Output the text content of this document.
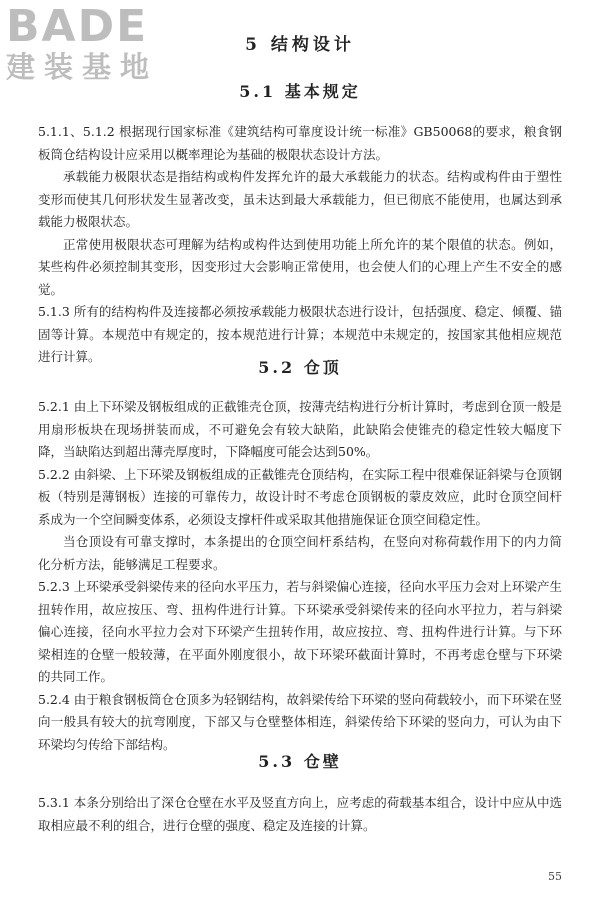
BADE
建装基地
5 结构设计
5.1 基本规定

5.1.1、5.1.2 根据现行国家标准《建筑结构可靠度设计统一标准》GB50068的要求，粮食钢板筒仓结构设计应采用以概率理论为基础的极限状态设计方法。

承载能力极限状态是指结构或构件发挥允许的最大承载能力的状态。结构或构件由于塑性变形而使其几何形状发生显著改变，虽未达到最大承载能力，但已彻底不能使用，也属达到承载能力极限状态。

正常使用极限状态可理解为结构或构件达到使用功能上所允许的某个限值的状态。例如，某些构件必须控制其变形，因变形过大会影响正常使用，也会使人们的心理上产生不安全的感觉。

5.1.3 所有的结构构件及连接都必须按承载能力极限状态进行设计，包括强度、稳定、倾覆、锚固等计算。本规范中有规定的，按本规范进行计算；本规范中未规定的，按国家其他相应规范进行计算。

5.2 仓顶

5.2.1 由上下环梁及钢板组成的正截锥壳仓顶，按薄壳结构进行分析计算时，考虑到仓顶一般是用扇形板块在现场拼装而成，不可避免会有较大缺陷，此缺陷会使锥壳的稳定性较大幅度下降，当缺陷达到超出薄壳厚度时，下降幅度可能会达到50%。

5.2.2 由斜梁、上下环梁及钢板组成的正截锥壳仓顶结构，在实际工程中很难保证斜梁与仓顶钢板（特别是薄钢板）连接的可靠传力，故设计时不考虑仓顶钢板的蒙皮效应，此时仓顶空间杆系成为一个空间瞬变体系，必须设支撑杆件或采取其他措施保证仓顶空间稳定性。

当仓顶设有可靠支撑时，本条提出的仓顶空间杆系结构，在竖向对称荷载作用下的内力简化分析方法，能够满足工程要求。

5.2.3 上环梁承受斜梁传来的径向水平压力，若与斜梁偏心连接，径向水平压力会对上环梁产生扭转作用，故应按压、弯、扭构件进行计算。下环梁承受斜梁传来的径向水平拉力，若与斜梁偏心连接，径向水平拉力会对下环梁产生扭转作用，故应按拉、弯、扭构件进行计算。与下环梁相连的仓壁一般较薄，在平面外刚度很小，故下环梁环截面计算时，不再考虑仓壁与下环梁的共同工作。

5.2.4 由于粮食钢板筒仓仓顶多为轻钢结构，故斜梁传给下环梁的竖向荷载较小，而下环梁在竖向一般具有较大的抗弯刚度，下部又与仓壁整体相连，斜梁传给下环梁的竖向力，可认为由下环梁均匀传给下部结构。

5.3 仓壁

5.3.1 本条分别给出了深仓仓壁在水平及竖直方向上，应考虑的荷载基本组合，设计中应从中选取相应最不利的组合，进行仓壁的强度、稳定及连接的计算。

55
